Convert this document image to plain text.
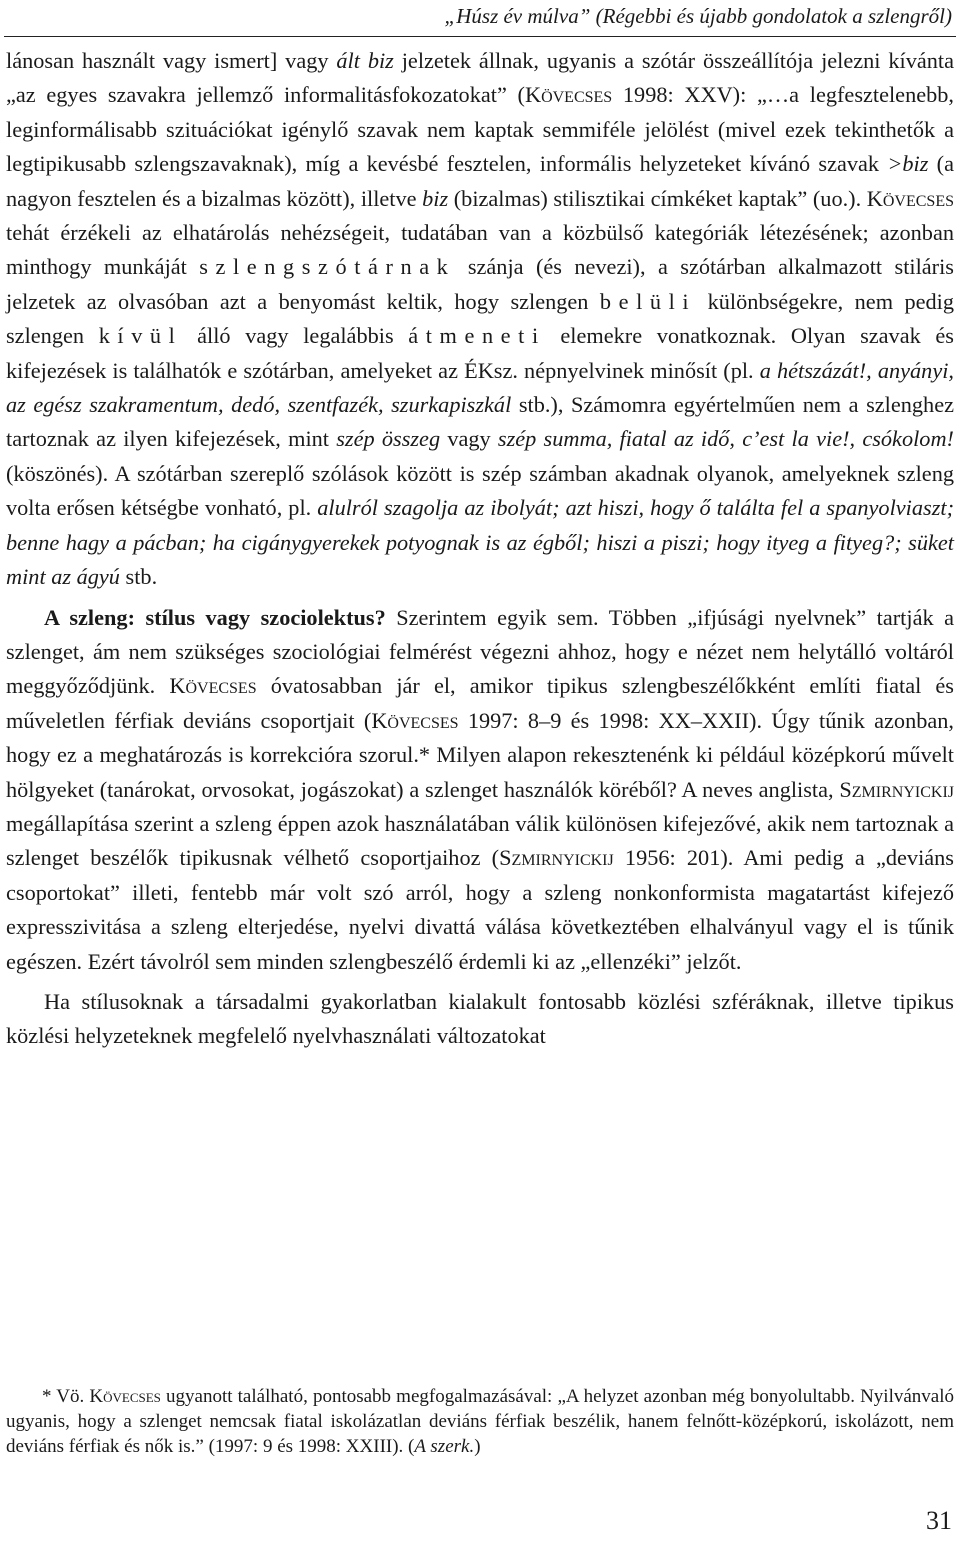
„Húsz év múlva” (Régebbi és újabb gondolatok a szlengről)

lánosan használt vagy ismert] vagy ált biz jelzetek állnak, ugyanis a szótár összeállítója jelezni kívánta „az egyes szavakra jellemző informalitásfokozatokat” (Kövecses 1998: XXV): „…a legfesztelenebb, leginformálisabb szituációkat igénylő szavak nem kaptak semmiféle jelölést (mivel ezek tekinthetők a legtipikusabb szlengszavaknak), míg a kevésbé fesztelen, informális helyzeteket kívánó szavak >biz (a nagyon fesztelen és a bizalmas között), illetve biz (bizalmas) stilisztikai címkéket kaptak” (uo.). Kövecses tehát érzékeli az elhatárolás nehézségeit, tudatában van a közbülső kategóriák létezésének; azonban minthogy munkáját szlengszótárnak szánja (és nevezi), a szótárban alkalmazott stiláris jelzetek az olvasóban azt a benyomást keltik, hogy szlengen belüli különbségekre, nem pedig szlengen kívül álló vagy legalábbis átmeneti elemekre vonatkoznak. Olyan szavak és kifejezések is találhatók e szótárban, amelyeket az ÉKsz. népnyelvinek minősít (pl. a hétszázát!, anyányi, az egész szakramentum, dedó, szentfazék, szurkapiszkál stb.), Számomra egyértelműen nem a szlenghez tartoznak az ilyen kifejezések, mint szép összeg vagy szép summa, fiatal az idő, c’est la vie!, csókolom! (köszönés). A szótárban szereplő szólások között is szép számban akadnak olyanok, amelyeknek szleng volta erősen kétségbe vonható, pl. alulról szagolja az ibolyát; azt hiszi, hogy ő találta fel a spanyolviaszt; benne hagy a pácban; ha cigánygyerekek potyognak is az égből; hiszi a piszi; hogy ityeg a fityeg?; süket mint az ágyú stb.

A szleng: stílus vagy szociolektus? Szerintem egyik sem. Többen „ifjúsági nyelvnek” tartják a szlenget, ám nem szükséges szociológiai felmérést végezni ahhoz, hogy e nézet nem helytálló voltáról meggyőződjünk. Kövecses óvatosabban jár el, amikor tipikus szlengbeszélőkként említi fiatal és műveletlen férfiak deviáns csoportjait (Kövecses 1997: 8–9 és 1998: XX–XXII). Úgy tűnik azonban, hogy ez a meghatározás is korrekcióra szorul.* Milyen alapon rekesztenénk ki például középkorú művelt hölgyeket (tanárokat, orvosokat, jogászokat) a szlenget használók köréből? A neves anglista, Szmirnyickij megállapítása szerint a szleng éppen azok használatában válik különösen kifejezővé, akik nem tartoznak a szlenget beszélők tipikusnak vélhető csoportjaihoz (Szmirnyickij 1956: 201). Ami pedig a „deviáns csoportokat” illeti, fentebb már volt szó arról, hogy a szleng nonkonformista magatartást kifejező expresszivitása a szleng elterjedése, nyelvi divattá válása következtében elhalványul vagy el is tűnik egészen. Ezért távolról sem minden szlengbeszélő érdemli ki az „ellenzéki” jelzőt.

Ha stílusoknak a társadalmi gyakorlatban kialakult fontosabb közlési szféráknak, illetve tipikus közlési helyzeteknek megfelelő nyelvhasználati változatokat

* Vö. Kövecses ugyanott található, pontosabb megfogalmazásával: „A helyzet azonban még bonyolultabb. Nyilvánvaló ugyanis, hogy a szlenget nemcsak fiatal iskolázatlan deviáns férfiak beszélik, hanem felnőtt-középkorú, iskolázott, nem deviáns férfiak és nők is.” (1997: 9 és 1998: XXIII). (A szerk.)

31
